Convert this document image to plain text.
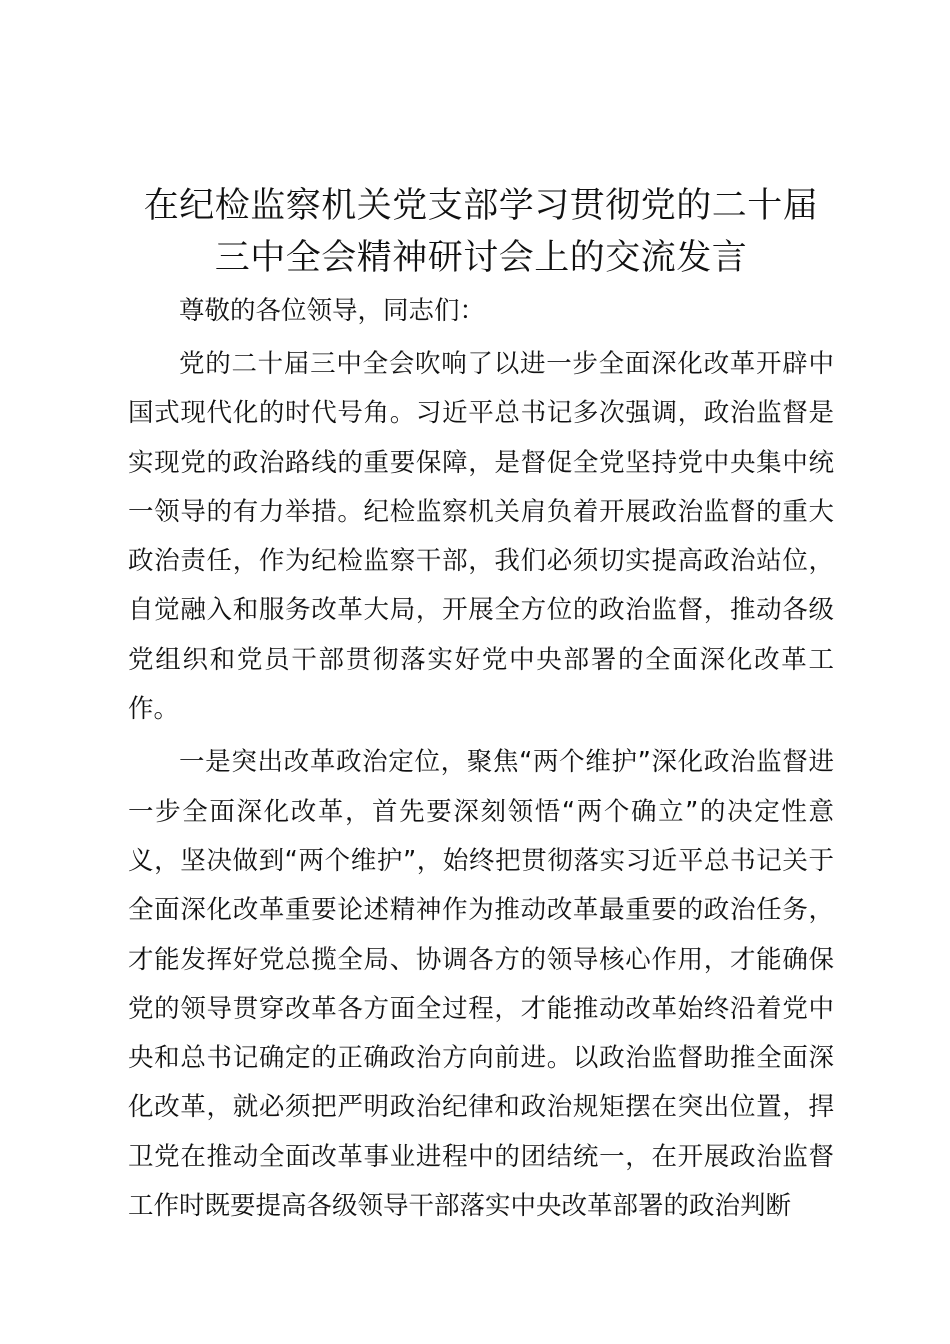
在纪检监察机关党支部学习贯彻党的二十届三中全会精神研讨会上的交流发言

尊敬的各位领导，同志们：

党的二十届三中全会吹响了以进一步全面深化改革开辟中国式现代化的时代号角。习近平总书记多次强调，政治监督是实现党的政治路线的重要保障，是督促全党坚持党中央集中统一领导的有力举措。纪检监察机关肩负着开展政治监督的重大政治责任，作为纪检监察干部，我们必须切实提高政治站位，自觉融入和服务改革大局，开展全方位的政治监督，推动各级党组织和党员干部贯彻落实好党中央部署的全面深化改革工作。

一是突出改革政治定位，聚焦“两个维护”深化政治监督进一步全面深化改革，首先要深刻领悟“两个确立”的决定性意义，坚决做到“两个维护”，始终把贯彻落实习近平总书记关于全面深化改革重要论述精神作为推动改革最重要的政治任务，才能发挥好党总揽全局、协调各方的领导核心作用，才能确保党的领导贯穿改革各方面全过程，才能推动改革始终沿着党中央和总书记确定的正确政治方向前进。以政治监督助推全面深化改革，就必须把严明政治纪律和政治规矩摆在突出位置，捍卫党在推动全面改革事业进程中的团结统一，在开展政治监督工作时既要提高各级领导干部落实中央改革部署的政治判断
